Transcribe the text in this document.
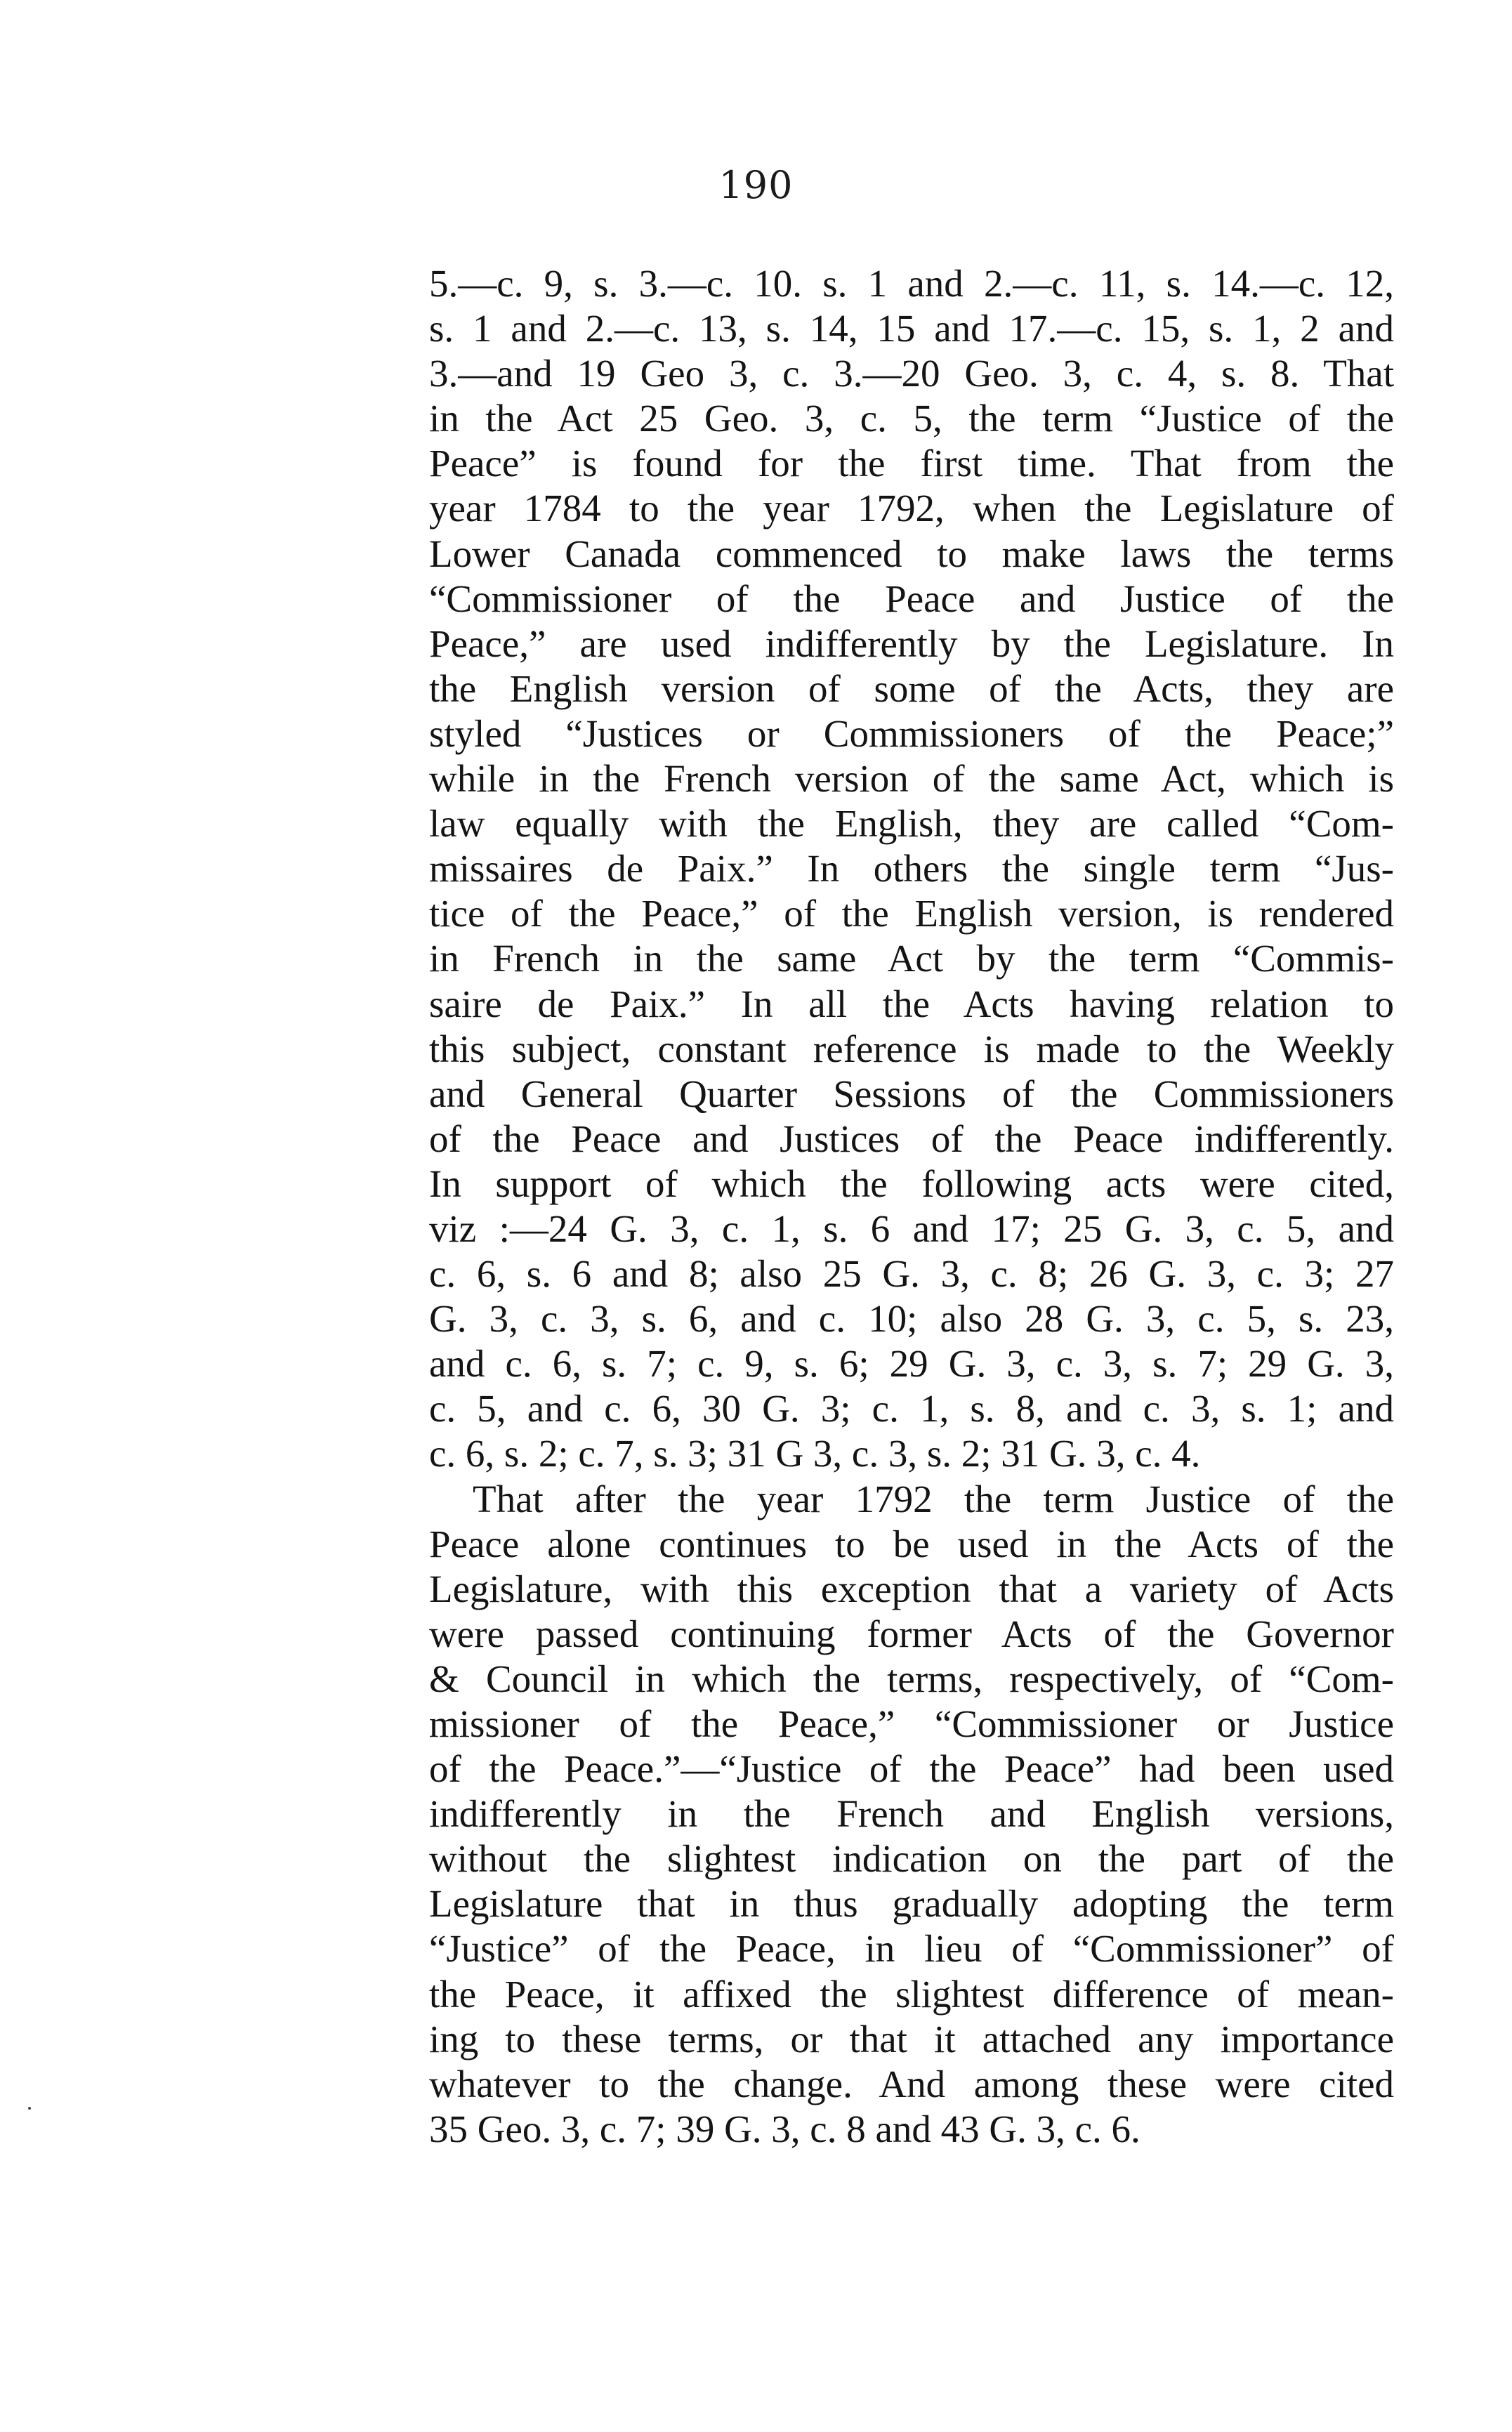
190
5.—c. 9, s. 3.—c. 10. s. 1 and 2.—c. 11, s. 14.—c. 12,
s. 1 and 2.—c. 13, s. 14, 15 and 17.—c. 15, s. 1, 2 and
3.—and 19 Geo 3, c. 3.—20 Geo. 3, c. 4, s. 8. That
in the Act 25 Geo. 3, c. 5, the term “Justice of the
Peace” is found for the first time. That from the
year 1784 to the year 1792, when the Legislature of
Lower Canada commenced to make laws the terms
“Commissioner of the Peace and Justice of the
Peace,” are used indifferently by the Legislature. In
the English version of some of the Acts, they are
styled “Justices or Commissioners of the Peace;”
while in the French version of the same Act, which is
law equally with the English, they are called “Com-
missaires de Paix.” In others the single term “Jus-
tice of the Peace,” of the English version, is rendered
in French in the same Act by the term “Commis-
saire de Paix.” In all the Acts having relation to
this subject, constant reference is made to the Weekly
and General Quarter Sessions of the Commissioners
of the Peace and Justices of the Peace indifferently.
In support of which the following acts were cited,
viz :—24 G. 3, c. 1, s. 6 and 17; 25 G. 3, c. 5, and
c. 6, s. 6 and 8; also 25 G. 3, c. 8; 26 G. 3, c. 3; 27
G. 3, c. 3, s. 6, and c. 10; also 28 G. 3, c. 5, s. 23,
and c. 6, s. 7; c. 9, s. 6; 29 G. 3, c. 3, s. 7; 29 G. 3,
c. 5, and c. 6, 30 G. 3; c. 1, s. 8, and c. 3, s. 1; and
c. 6, s. 2; c. 7, s. 3; 31 G 3, c. 3, s. 2; 31 G. 3, c. 4.
That after the year 1792 the term Justice of the
Peace alone continues to be used in the Acts of the
Legislature, with this exception that a variety of Acts
were passed continuing former Acts of the Governor
& Council in which the terms, respectively, of “Com-
missioner of the Peace,” “Commissioner or Justice
of the Peace.”—“Justice of the Peace” had been used
indifferently in the French and English versions,
without the slightest indication on the part of the
Legislature that in thus gradually adopting the term
“Justice” of the Peace, in lieu of “Commissioner” of
the Peace, it affixed the slightest difference of mean-
ing to these terms, or that it attached any importance
whatever to the change. And among these were cited
35 Geo. 3, c. 7; 39 G. 3, c. 8 and 43 G. 3, c. 6.
